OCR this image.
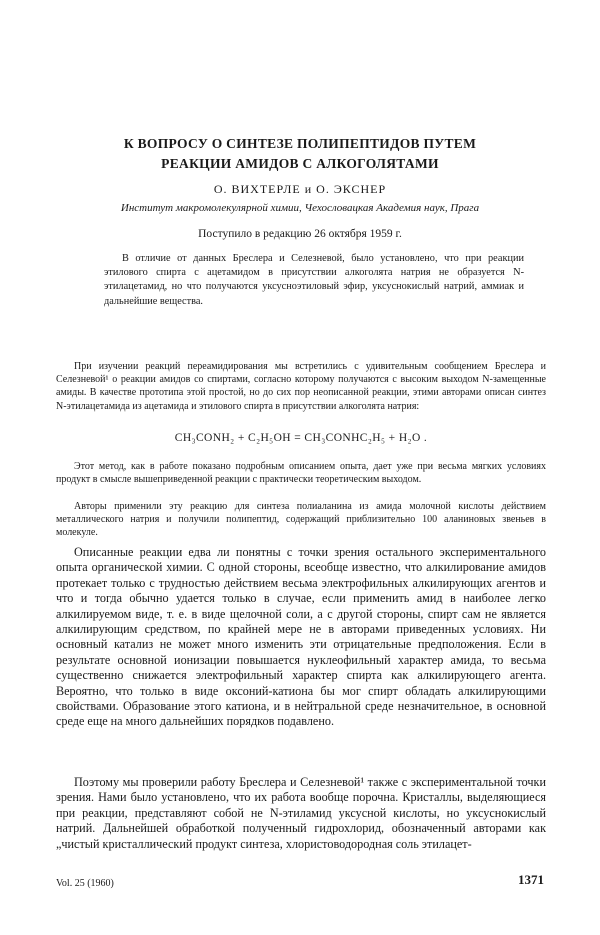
К ВОПРОСУ О СИНТЕЗЕ ПОЛИПЕПТИДОВ ПУТЕМ
РЕАКЦИИ АМИДОВ С АЛКОГОЛЯТАМИ

О. ВИХТЕРЛЕ и О. ЭКСНЕР

Институт макромолекулярной химии, Чехословацкая Академия наук, Прага

Поступило в редакцию 26 октября 1959 г.

В отличие от данных Бреслера и Селезневой, было установлено, что при реакции этилового спирта с ацетамидом в присутствии алкоголята натрия не образуется N-этилацетамид, но что получаются уксусноэтиловый эфир, уксуснокислый натрий, аммиак и дальнейшие вещества.

При изучении реакций переамидирования мы встретились с удивительным сообщением Бреслера и Селезневой¹ о реакции амидов со спиртами, согласно которому получаются с высоким выходом N-замещенные амиды. В качестве прототипа этой простой, но до сих пор неописанной реакции, этими авторами описан синтез N-этилацетамида из ацетамида и этилового спирта в присутствии алкоголята натрия:

CH₃CONH₂ + C₂H₅OH = CH₃CONHC₂H₅ + H₂O .

Этот метод, как в работе показано подробным описанием опыта, дает уже при весьма мягких условиях продукт в смысле вышеприведенной реакции с практически теоретическим выходом.

Авторы применили эту реакцию для синтеза полиаланина из амида молочной кислоты действием металлического натрия и получили полипептид, содержащий приблизительно 100 аланиновых звеньев в молекуле.

Описанные реакции едва ли понятны с точки зрения остального экспериментального опыта органической химии. С одной стороны, всеобще известно, что алкилирование амидов протекает только с трудностью действием весьма электрофильных алкилирующих агентов и что и тогда обычно удается только в случае, если применить амид в наиболее легко алкилируемом виде, т. е. в виде щелочной соли, а с другой стороны, спирт сам не является алкилирующим средством, по крайней мере не в авторами приведенных условиях. Ни основный катализ не может много изменить эти отрицательные предположения. Если в результате основной ионизации повышается нуклеофильный характер амида, то весьма существенно снижается электрофильный характер спирта как алкилирующего агента. Вероятно, что только в виде оксоний-катиона бы мог спирт обладать алкилирующими свойствами. Образование этого катиона, и в нейтральной среде незначительное, в основной среде еще на много дальнейших порядков подавлено.

Поэтому мы проверили работу Бреслера и Селезневой¹ также с экспериментальной точки зрения. Нами было установлено, что их работа вообще порочна. Кристаллы, выделяющиеся при реакции, представляют собой не N-этиламид уксусной кислоты, но уксуснокислый натрий. Дальнейшей обработкой полученный гидрохлорид, обозначенный авторами как „чистый кристаллический продукт синтеза, хлористоводородная соль этилацет-

Vol. 25 (1960)	1371
